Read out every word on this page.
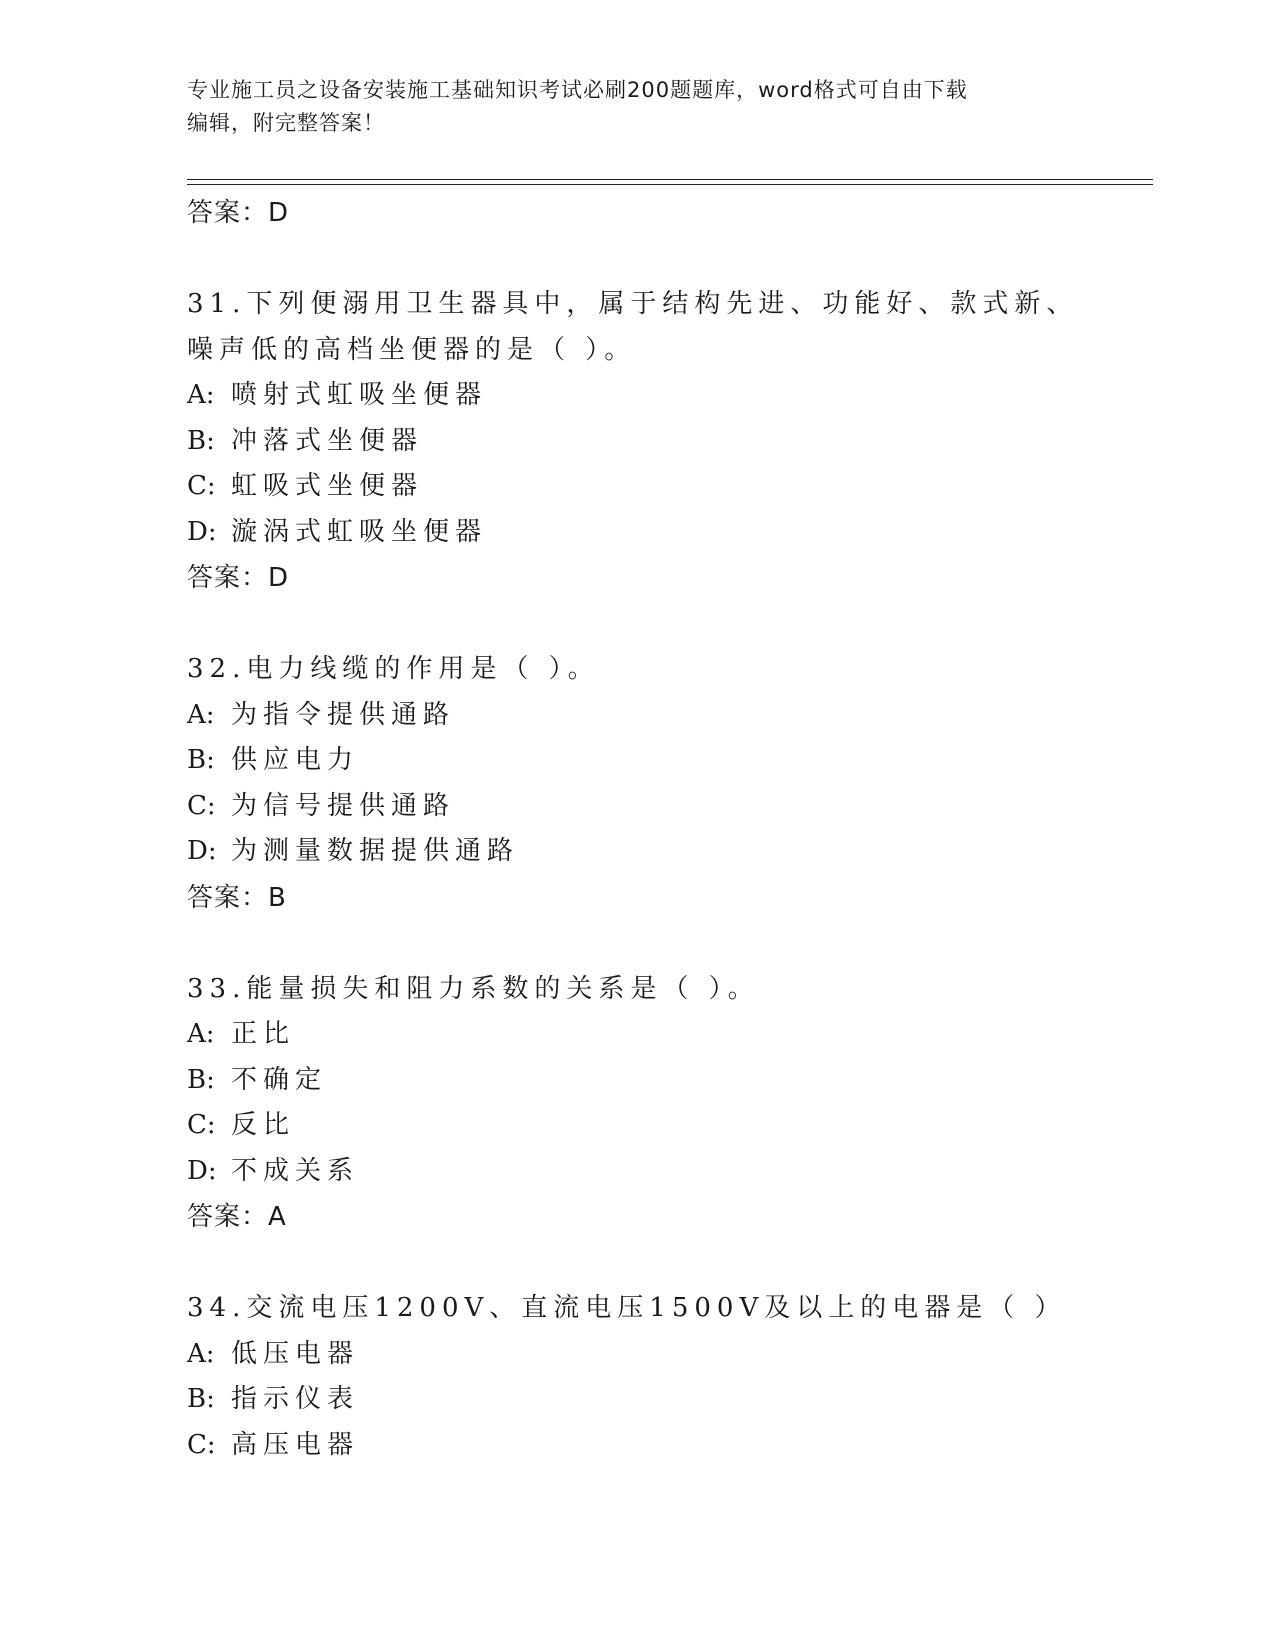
专业施工员之设备安装施工基础知识考试必刷200题题库，word格式可自由下载
编辑，附完整答案！
答案：D
31.下列便溺用卫生器具中，属于结构先进、功能好、款式新、噪声低的高档坐便器的是（ ）。
A: 喷射式虹吸坐便器
B: 冲落式坐便器
C: 虹吸式坐便器
D: 漩涡式虹吸坐便器
答案：D
32.电力线缆的作用是（ ）。
A: 为指令提供通路
B: 供应电力
C: 为信号提供通路
D: 为测量数据提供通路
答案：B
33.能量损失和阻力系数的关系是（ ）。
A: 正比
B: 不确定
C: 反比
D: 不成关系
答案：A
34.交流电压1200V、直流电压1500V及以上的电器是（ ）
A: 低压电器
B: 指示仪表
C: 高压电器
